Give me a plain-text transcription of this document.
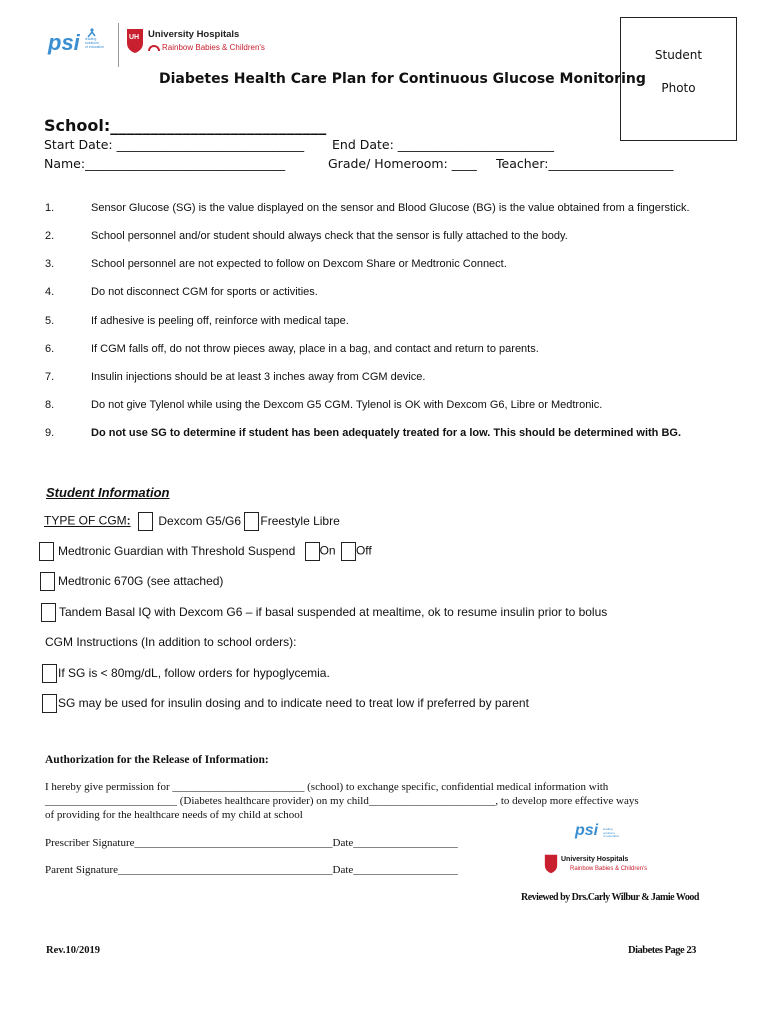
psi leading
solutions
of education
UH University Hospitals
Rainbow Babies & Children's
Diabetes Health Care Plan for Continuous Glucose Monitoring
Student
Photo
School:___________________________
Start Date: ______________________________ End Date: _________________________
Name:________________________________	Grade/ Homeroom: ____ Teacher:____________________
1.	Sensor Glucose (SG) is the value displayed on the sensor and Blood Glucose (BG) is the value obtained from a fingerstick.
2.	School personnel and/or student should always check that the sensor is fully attached to the body.
3.	School personnel are not expected to follow on Dexcom Share or Medtronic Connect.
4.	Do not disconnect CGM for sports or activities.
5.	If adhesive is peeling off, reinforce with medical tape.
6.	If CGM falls off, do not throw pieces away, place in a bag, and contact and return to parents.
7.	Insulin injections should be at least 3 inches away from CGM device.
8.	Do not give Tylenol while using the Dexcom G5 CGM. Tylenol is OK with Dexcom G6, Libre or Medtronic.
9.	Do not use SG to determine if student has been adequately treated for a low. This should be determined with BG.
Student Information
TYPE OF CGM: Dexcom G5/G6 Freestyle Libre
Medtronic Guardian with Threshold Suspend On Off
Medtronic 670G (see attached)
Tandem Basal IQ with Dexcom G6 – if basal suspended at mealtime, ok to resume insulin prior to bolus
CGM Instructions (In addition to school orders):
If SG is < 80mg/dL, follow orders for hypoglycemia.
SG may be used for insulin dosing and to indicate need to treat low if preferred by parent
Authorization for the Release of Information:
I hereby give permission for ________________________ (school) to exchange specific, confidential medical information with
________________________ (Diabetes healthcare provider) on my child_______________________, to develop more effective ways
of providing for the healthcare needs of my child at school
Prescriber Signature____________________________________Date___________________
Parent Signature_______________________________________Date___________________
psi leading
solutions
of education
University Hospitals
Rainbow Babies & Children's
Reviewed by Drs.Carly Wilbur & Jamie Wood
Rev.10/2019	Diabetes Page 23
